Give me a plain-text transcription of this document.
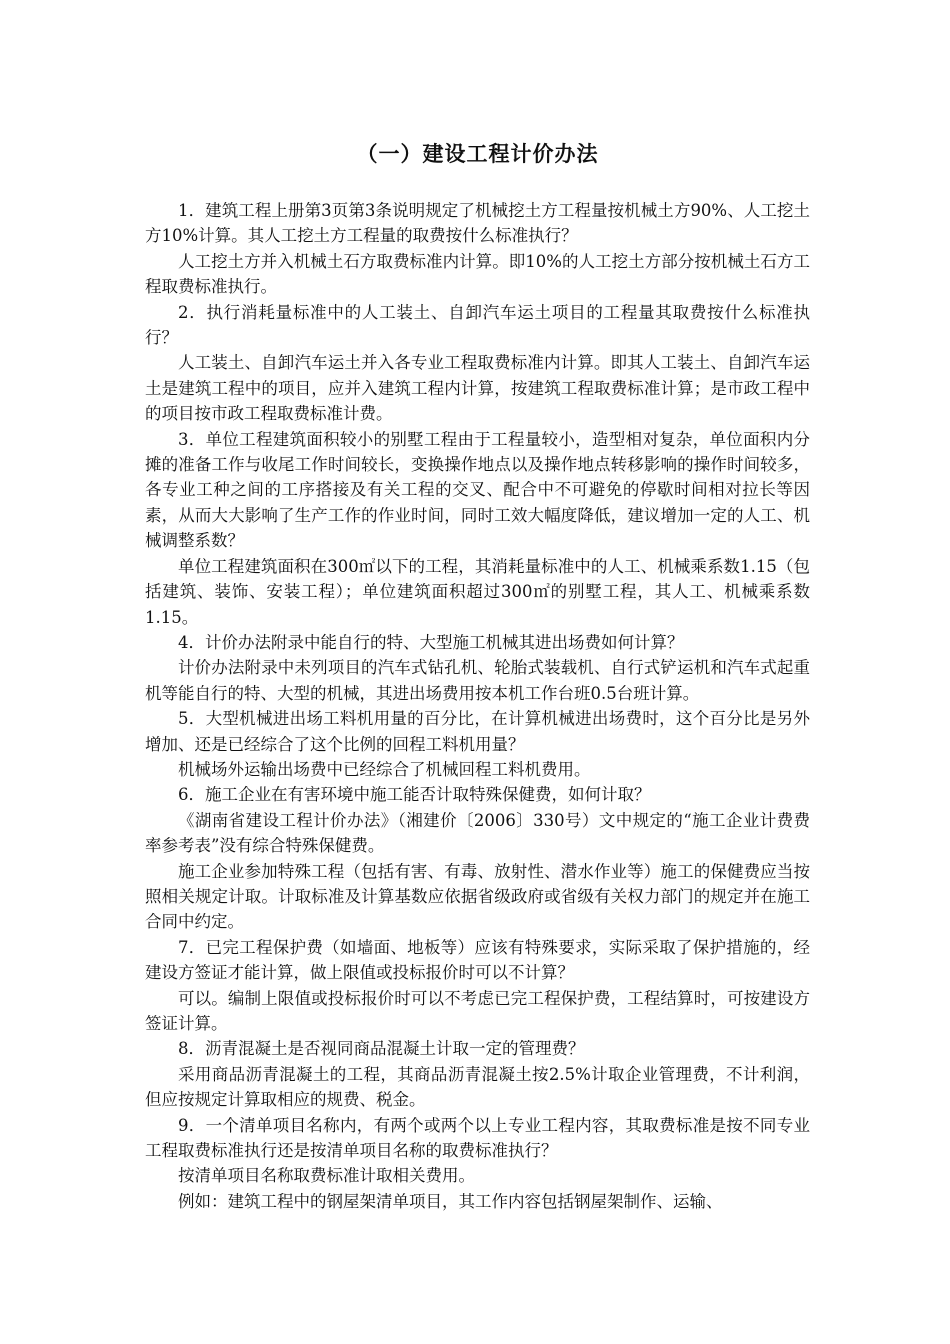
（一）建设工程计价办法

1．建筑工程上册第3页第3条说明规定了机械挖土方工程量按机械土方90%、人工挖土方10%计算。其人工挖土方工程量的取费按什么标准执行？

人工挖土方并入机械土石方取费标准内计算。即10%的人工挖土方部分按机械土石方工程取费标准执行。

2．执行消耗量标准中的人工装土、自卸汽车运土项目的工程量其取费按什么标准执行？

人工装土、自卸汽车运土并入各专业工程取费标准内计算。即其人工装土、自卸汽车运土是建筑工程中的项目，应并入建筑工程内计算，按建筑工程取费标准计算；是市政工程中的项目按市政工程取费标准计费。

3．单位工程建筑面积较小的别墅工程由于工程量较小，造型相对复杂，单位面积内分摊的准备工作与收尾工作时间较长，变换操作地点以及操作地点转移影响的操作时间较多，各专业工种之间的工序搭接及有关工程的交叉、配合中不可避免的停歇时间相对拉长等因素，从而大大影响了生产工作的作业时间，同时工效大幅度降低，建议增加一定的人工、机械调整系数？

单位工程建筑面积在300㎡以下的工程，其消耗量标准中的人工、机械乘系数1.15（包括建筑、装饰、安装工程）；单位建筑面积超过300㎡的别墅工程，其人工、机械乘系数1.15。

4．计价办法附录中能自行的特、大型施工机械其进出场费如何计算？

计价办法附录中未列项目的汽车式钻孔机、轮胎式装载机、自行式铲运机和汽车式起重机等能自行的特、大型的机械，其进出场费用按本机工作台班0.5台班计算。

5．大型机械进出场工料机用量的百分比，在计算机械进出场费时，这个百分比是另外增加、还是已经综合了这个比例的回程工料机用量？

机械场外运输出场费中已经综合了机械回程工料机费用。

6．施工企业在有害环境中施工能否计取特殊保健费，如何计取？

《湖南省建设工程计价办法》（湘建价〔2006〕330号）文中规定的“施工企业计费费率参考表”没有综合特殊保健费。

施工企业参加特殊工程（包括有害、有毒、放射性、潜水作业等）施工的保健费应当按照相关规定计取。计取标准及计算基数应依据省级政府或省级有关权力部门的规定并在施工合同中约定。

7．已完工程保护费（如墙面、地板等）应该有特殊要求，实际采取了保护措施的，经建设方签证才能计算，做上限值或投标报价时可以不计算？

可以。编制上限值或投标报价时可以不考虑已完工程保护费，工程结算时，可按建设方签证计算。

8．沥青混凝土是否视同商品混凝土计取一定的管理费？

采用商品沥青混凝土的工程，其商品沥青混凝土按2.5%计取企业管理费，不计利润，但应按规定计算取相应的规费、税金。

9．一个清单项目名称内，有两个或两个以上专业工程内容，其取费标准是按不同专业工程取费标准执行还是按清单项目名称的取费标准执行？

按清单项目名称取费标准计取相关费用。

例如：建筑工程中的钢屋架清单项目，其工作内容包括钢屋架制作、运输、
